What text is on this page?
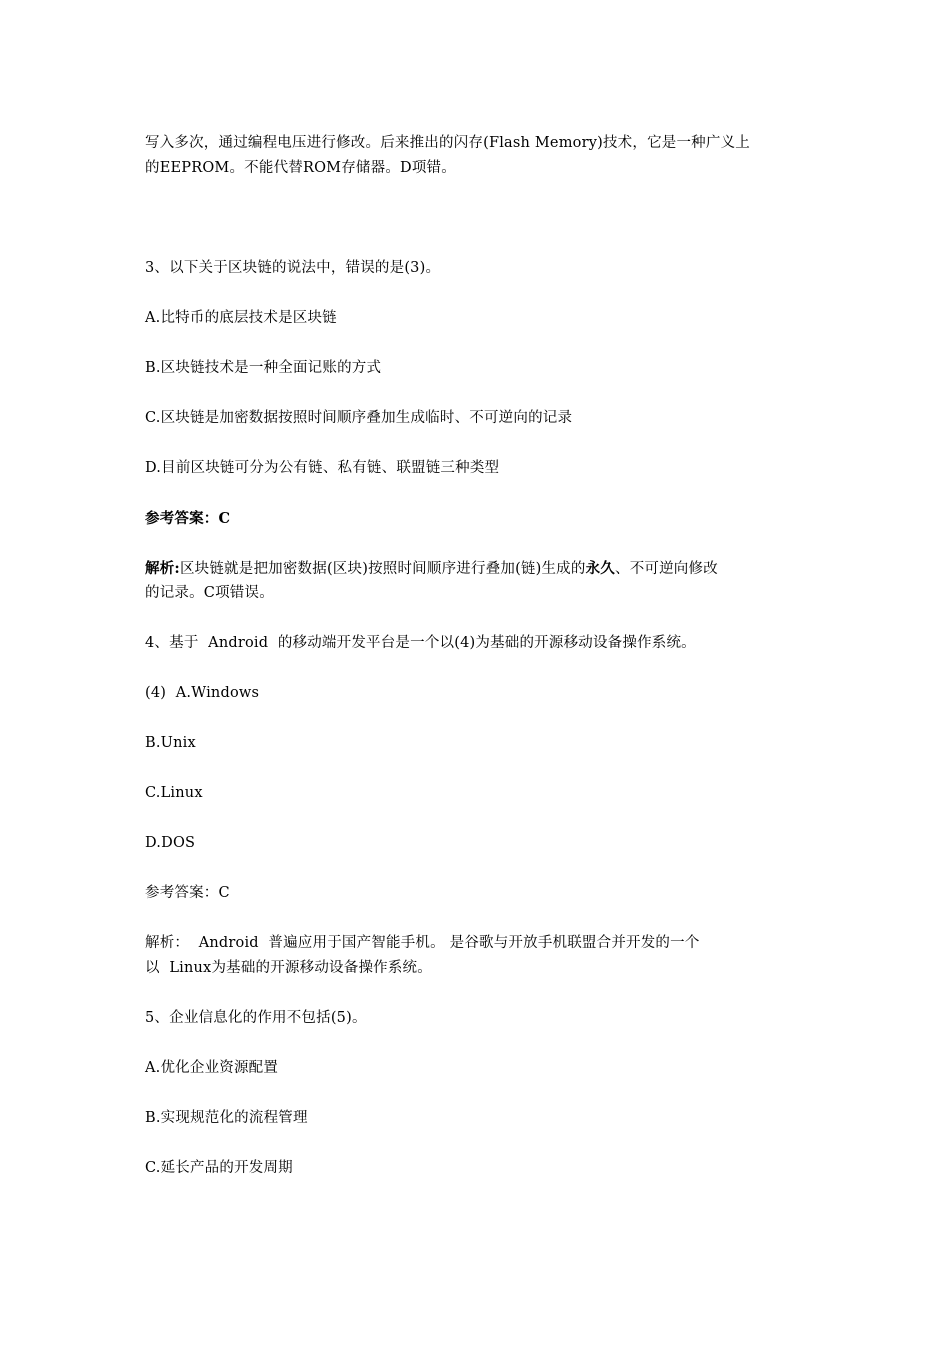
写入多次，通过编程电压进行修改。后来推出的闪存(Flash Memory)技术，它是一种广义上
的EEPROM。不能代替ROM存储器。D项错。
3、以下关于区块链的说法中，错误的是(3)。
A.比特币的底层技术是区块链
B.区块链技术是一种全面记账的方式
C.区块链是加密数据按照时间顺序叠加生成临时、不可逆向的记录
D.目前区块链可分为公有链、私有链、联盟链三种类型
参考答案：C
解析:区块链就是把加密数据(区块)按照时间顺序进行叠加(链)生成的永久、不可逆向修改
的记录。C项错误。
4、基于  Android  的移动端开发平台是一个以(4)为基础的开源移动设备操作系统。
(4)  A.Windows
B.Unix
C.Linux
D.DOS
参考答案：C
解析：  Android  普遍应用于国产智能手机。 是谷歌与开放手机联盟合并开发的一个
以  Linux为基础的开源移动设备操作系统。
5、企业信息化的作用不包括(5)。
A.优化企业资源配置
B.实现规范化的流程管理
C.延长产品的开发周期
